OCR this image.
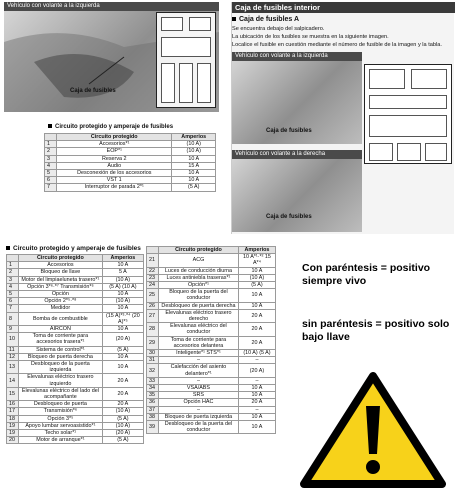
Vehículo con volante a la izquierda
Caja de fusibles
Circuito protegido y amperaje de fusibles
	Circuito protegido	Amperios
1	Accesorios*¹	(10 A)
2	EOP*¹	(10 A)
3	Reserva 2	10 A
4	Audio	15 A
5	Desconexión de los accesorios	10 A
6	VST 1	10 A
7	Interruptor de parada 2*¹	(5 A)
Caja de fusibles interior
Caja de fusibles A
Se encuentra debajo del salpicadero.
La ubicación de los fusibles se muestra en la siguiente imagen.
Localice el fusible en cuestión mediante el número de fusible de la imagen y la tabla.
Vehículo con volante a la izquierda
Caja de fusibles
Vehículo con volante a la derecha
Caja de fusibles
Circuito protegido y amperaje de fusibles
	Circuito protegido	Amperios
1	Accesorios	10 A
2	Bloqueo de llave	5 A
3	Motor del limpiaeluneta trasero*¹	(10 A)
4	Opción 3*⁶·*⁷ Transmisión*⁶	(5 A) (10 A)
5	Opción	10 A
6	Opción 2*⁵·*⁸	(10 A)
7	Medidor	10 A
8	Bomba de combustible	(15 A)*³·*⁴ (20 A)*⁵
9	AIRCON	10 A
10	Toma de corriente para accesorios trasera*¹	(20 A)
11	Sistema de control*¹	(5 A)
12	Bloqueo de puerta derecha	10 A
13	Desbloqueo de la puerta izquierda	10 A
14	Elevalunas eléctrico trasero izquierdo	20 A
15	Elevalunas eléctrico del lado del acompañante	20 A
16	Desbloqueo de puerta	20 A
17	Transmisión*⁶	(10 A)
18	Opción 3*⁵	(5 A)
19	Apoyo lumbar servoasistido*¹	(10 A)
19	Techo solar*¹	(20 A)
20	Motor de arranque*¹	(5 A)
	Circuito protegido	Amperios
21	ACG	10 A*¹·*² 15 A*⁴
22	Luces de conducción diurna	10 A
23	Luces antiniebla traseras*¹	(10 A)
24	Opción*¹	(5 A)
25	Bloqueo de la puerta del conductor	10 A
26	Desbloqueo de puerta derecha	10 A
27	Elevalunas eléctrico trasero derecho	20 A
28	Elevalunas eléctrico del conductor	20 A
29	Toma de corriente para accesorios delantera	20 A
30	Inteligente*¹ STS*¹	(10 A) (5 A)
31	–	–
32	Calefacción del asiento delantero*¹	(20 A)
33	–	–
34	VSA/ABS	10 A
35	SRS	10 A
36	Opción HAC	20 A
37	–	–
38	Bloqueo de puerta izquierda	10 A
39	Desbloqueo de la puerta del conductor	10 A
Con paréntesis = positivo siempre vivo
sin paréntesis = positivo solo bajo llave
